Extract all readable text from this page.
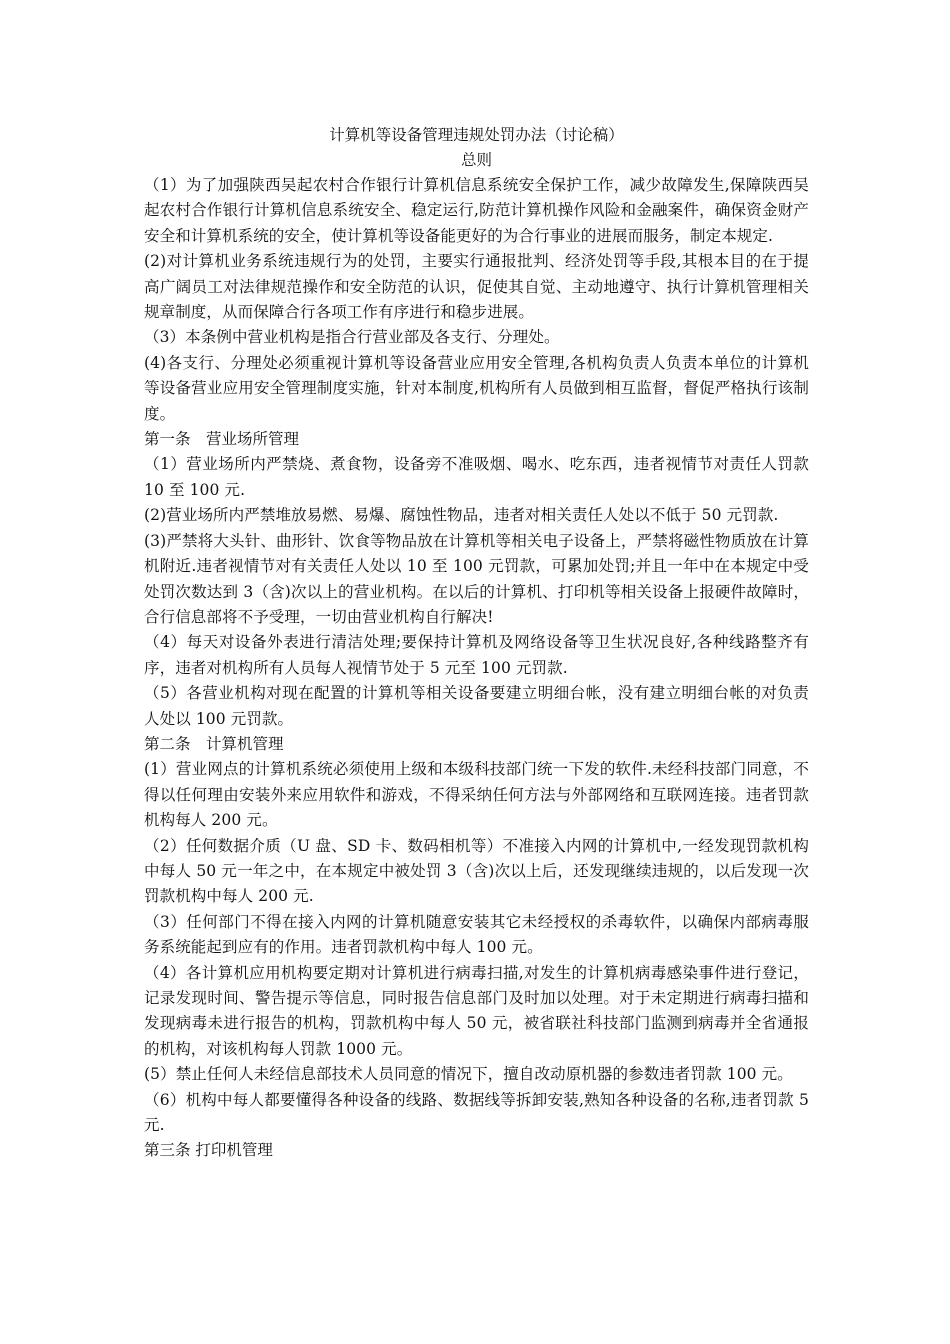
计算机等设备管理违规处罚办法（讨论稿）

总则

（1）为了加强陕西吴起农村合作银行计算机信息系统安全保护工作，减少故障发生,保障陕西吴起农村合作银行计算机信息系统安全、稳定运行,防范计算机操作风险和金融案件，确保资金财产安全和计算机系统的安全，使计算机等设备能更好的为合行事业的进展而服务，制定本规定.

(2)对计算机业务系统违规行为的处罚，主要实行通报批判、经济处罚等手段,其根本目的在于提高广阔员工对法律规范操作和安全防范的认识，促使其自觉、主动地遵守、执行计算机管理相关规章制度，从而保障合行各项工作有序进行和稳步进展。

（3）本条例中营业机构是指合行营业部及各支行、分理处。

(4)各支行、分理处必须重视计算机等设备营业应用安全管理,各机构负责人负责本单位的计算机等设备营业应用安全管理制度实施，针对本制度,机构所有人员做到相互监督，督促严格执行该制度。

第一条　营业场所管理

（1）营业场所内严禁烧、煮食物，设备旁不准吸烟、喝水、吃东西，违者视情节对责任人罚款 10 至 100 元.

(2)营业场所内严禁堆放易燃、易爆、腐蚀性物品，违者对相关责任人处以不低于 50 元罚款.

(3)严禁将大头针、曲形针、饮食等物品放在计算机等相关电子设备上，严禁将磁性物质放在计算机附近.违者视情节对有关责任人处以 10 至 100 元罚款，可累加处罚;并且一年中在本规定中受处罚次数达到 3（含)次以上的营业机构。在以后的计算机、打印机等相关设备上报硬件故障时，合行信息部将不予受理，一切由营业机构自行解决!

（4）每天对设备外表进行清洁处理;要保持计算机及网络设备等卫生状况良好,各种线路整齐有序，违者对机构所有人员每人视情节处于 5 元至 100 元罚款.

（5）各营业机构对现在配置的计算机等相关设备要建立明细台帐，没有建立明细台帐的对负责人处以 100 元罚款。

第二条　计算机管理

(1）营业网点的计算机系统必须使用上级和本级科技部门统一下发的软件.未经科技部门同意，不得以任何理由安装外来应用软件和游戏，不得采纳任何方法与外部网络和互联网连接。违者罚款机构每人 200 元。

（2）任何数据介质（U 盘、SD 卡、数码相机等）不准接入内网的计算机中,一经发现罚款机构中每人 50 元一年之中，在本规定中被处罚 3（含)次以上后，还发现继续违规的，以后发现一次罚款机构中每人 200 元.

（3）任何部门不得在接入内网的计算机随意安装其它未经授权的杀毒软件，以确保内部病毒服务系统能起到应有的作用。违者罚款机构中每人 100 元。

（4）各计算机应用机构要定期对计算机进行病毒扫描,对发生的计算机病毒感染事件进行登记，记录发现时间、警告提示等信息，同时报告信息部门及时加以处理。对于未定期进行病毒扫描和发现病毒未进行报告的机构，罚款机构中每人 50 元，被省联社科技部门监测到病毒并全省通报的机构，对该机构每人罚款 1000 元。

(5）禁止任何人未经信息部技术人员同意的情况下，擅自改动原机器的参数违者罚款 100 元。

（6）机构中每人都要懂得各种设备的线路、数据线等拆卸安装,熟知各种设备的名称,违者罚款 5 元.

第三条 打印机管理
